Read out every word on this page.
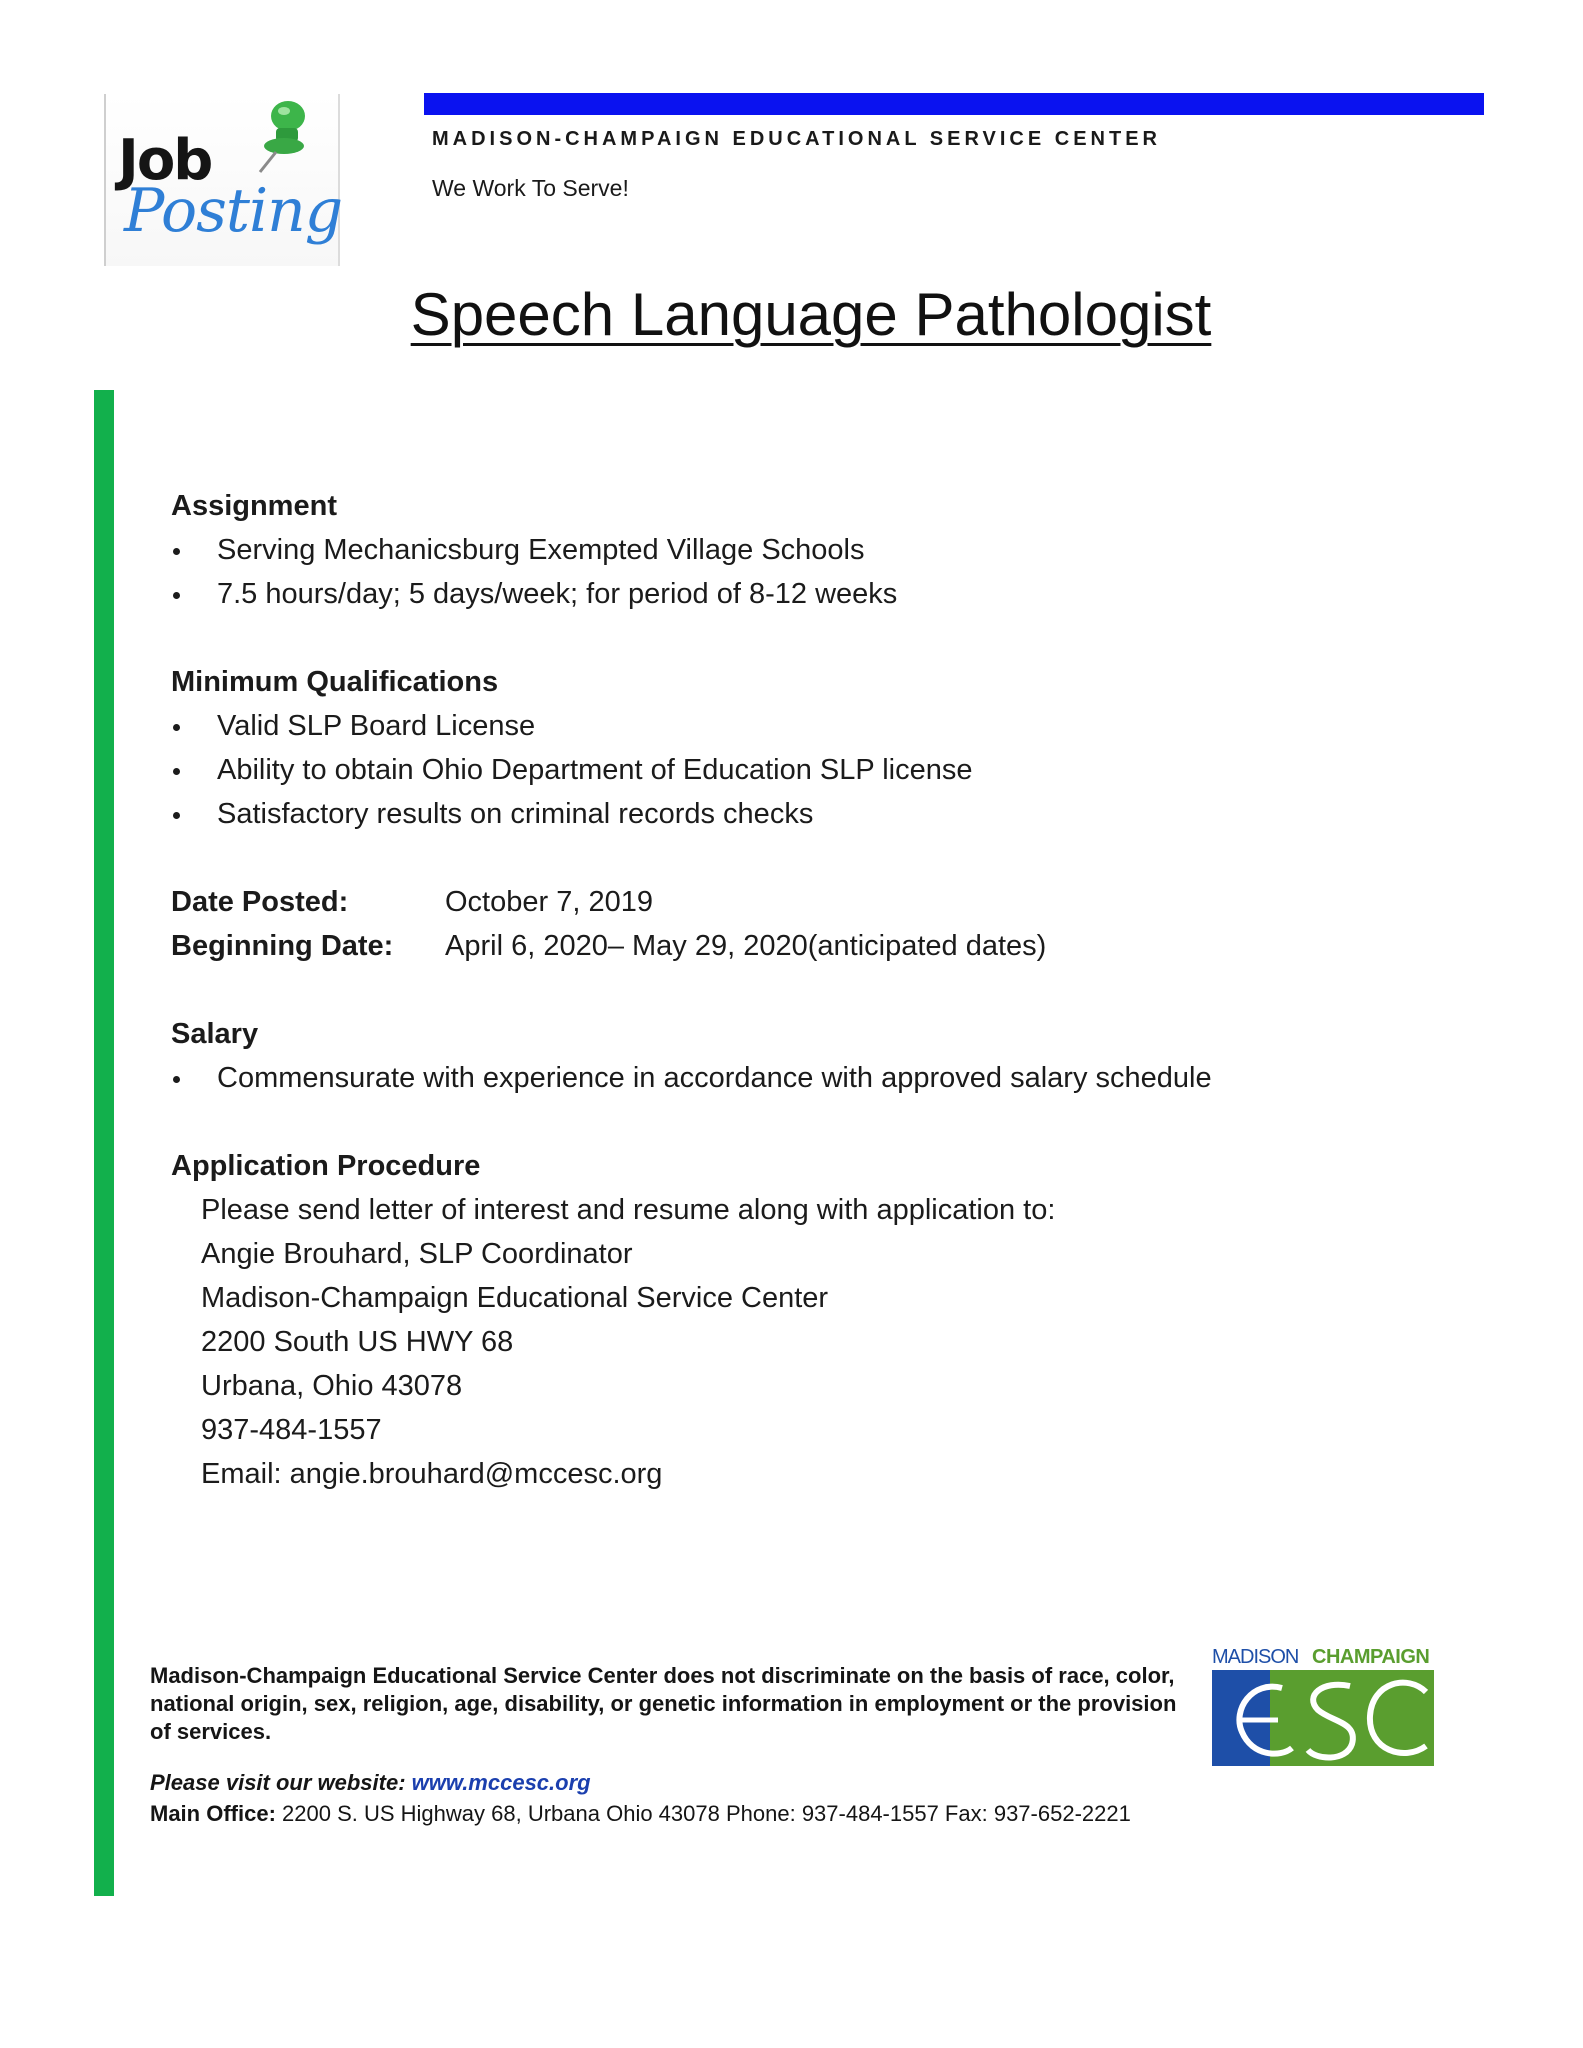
Job
Posting
MADISON-CHAMPAIGN EDUCATIONAL SERVICE CENTER
We Work To Serve!
Speech Language Pathologist
Assignment
Serving Mechanicsburg Exempted Village Schools
7.5 hours/day; 5 days/week; for period of 8-12 weeks
Minimum Qualifications
Valid SLP Board License
Ability to obtain Ohio Department of Education SLP license
Satisfactory results on criminal records checks
Date Posted:	October 7, 2019
Beginning Date:	April 6, 2020– May 29, 2020(anticipated dates)
Salary
Commensurate with experience in accordance with approved salary schedule
Application Procedure
Please send letter of interest and resume along with application to:
Angie Brouhard, SLP Coordinator
Madison-Champaign Educational Service Center
2200 South US HWY 68
Urbana, Ohio 43078
937-484-1557
Email: angie.brouhard@mccesc.org
Madison-Champaign Educational Service Center does not discriminate on the basis of race, color, national origin, sex, religion, age, disability, or genetic information in employment or the provision of services.
Please visit our website: www.mccesc.org
Main Office: 2200 S. US Highway 68, Urbana Ohio 43078 Phone: 937-484-1557 Fax: 937-652-2221
MADISON CHAMPAIGN
